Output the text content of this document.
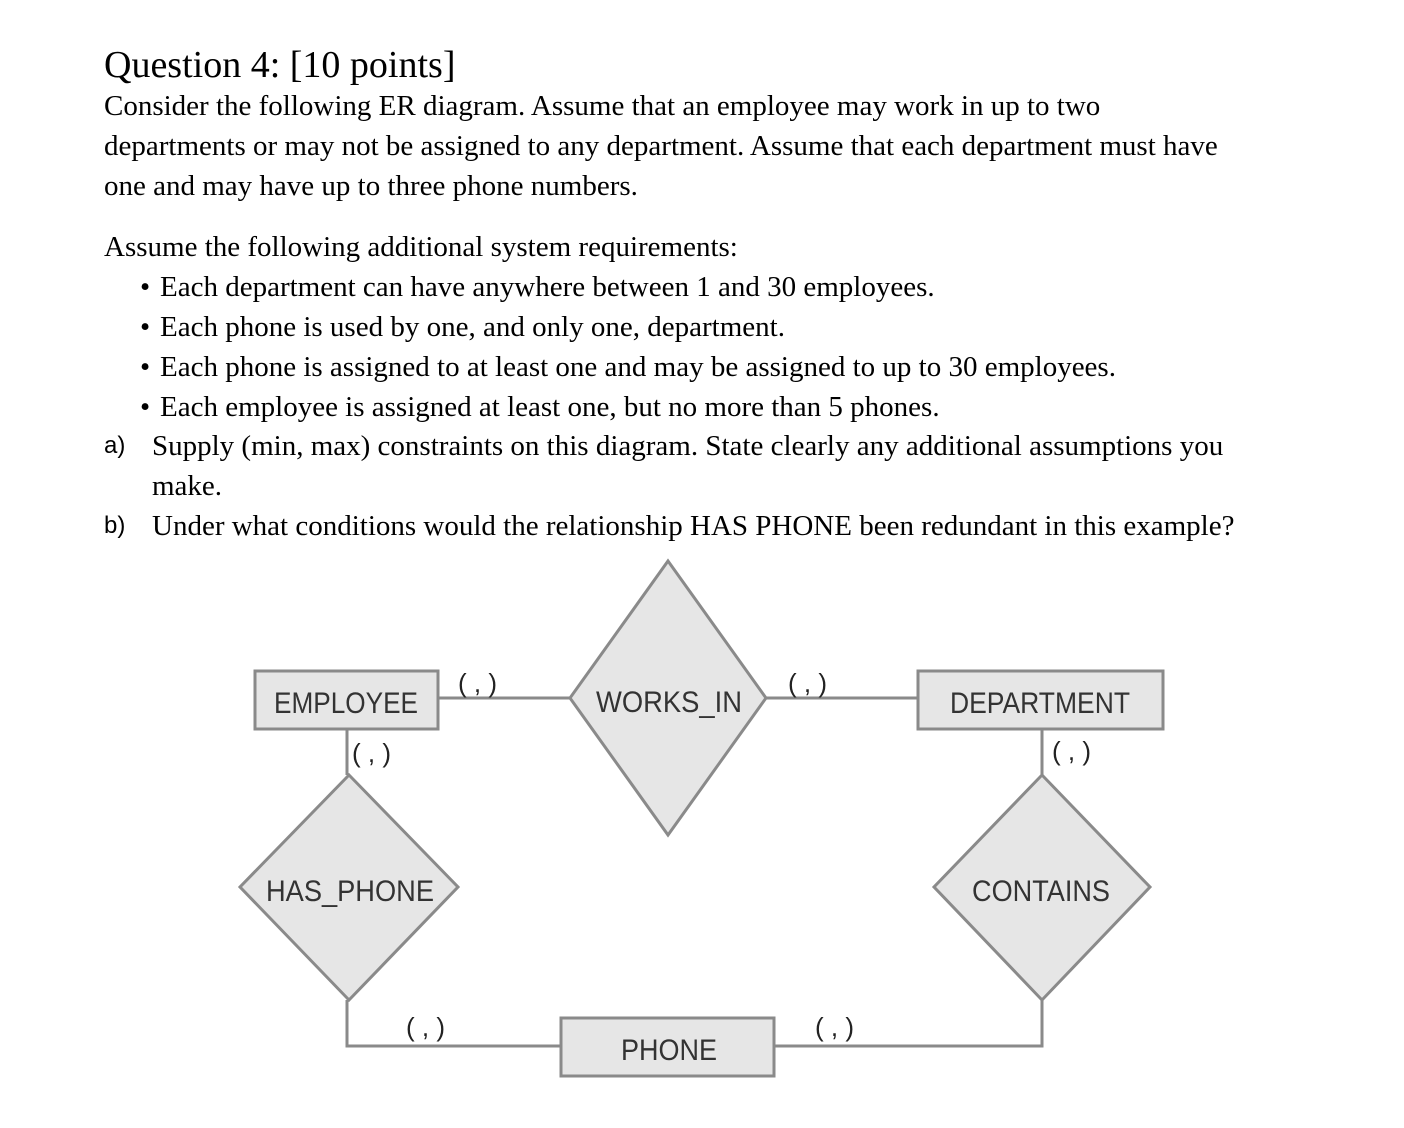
Question 4: [10 points]
Consider the following ER diagram. Assume that an employee may work in up to two
departments or may not be assigned to any department. Assume that each department must have
one and may have up to three phone numbers.
Assume the following additional system requirements:
• Each department can have anywhere between 1 and 30 employees.
• Each phone is used by one, and only one, department.
• Each phone is assigned to at least one and may be assigned to up to 30 employees.
• Each employee is assigned at least one, but no more than 5 phones.
a) Supply (min, max) constraints on this diagram. State clearly any additional assumptions you
make.
b) Under what conditions would the relationship HAS PHONE been redundant in this example?
EMPLOYEE	DEPARTMENT
PHONE
WORKS_IN
HAS_PHONE	CONTAINS
( , )	( , )
( , )	( , )
( , )	( , )
